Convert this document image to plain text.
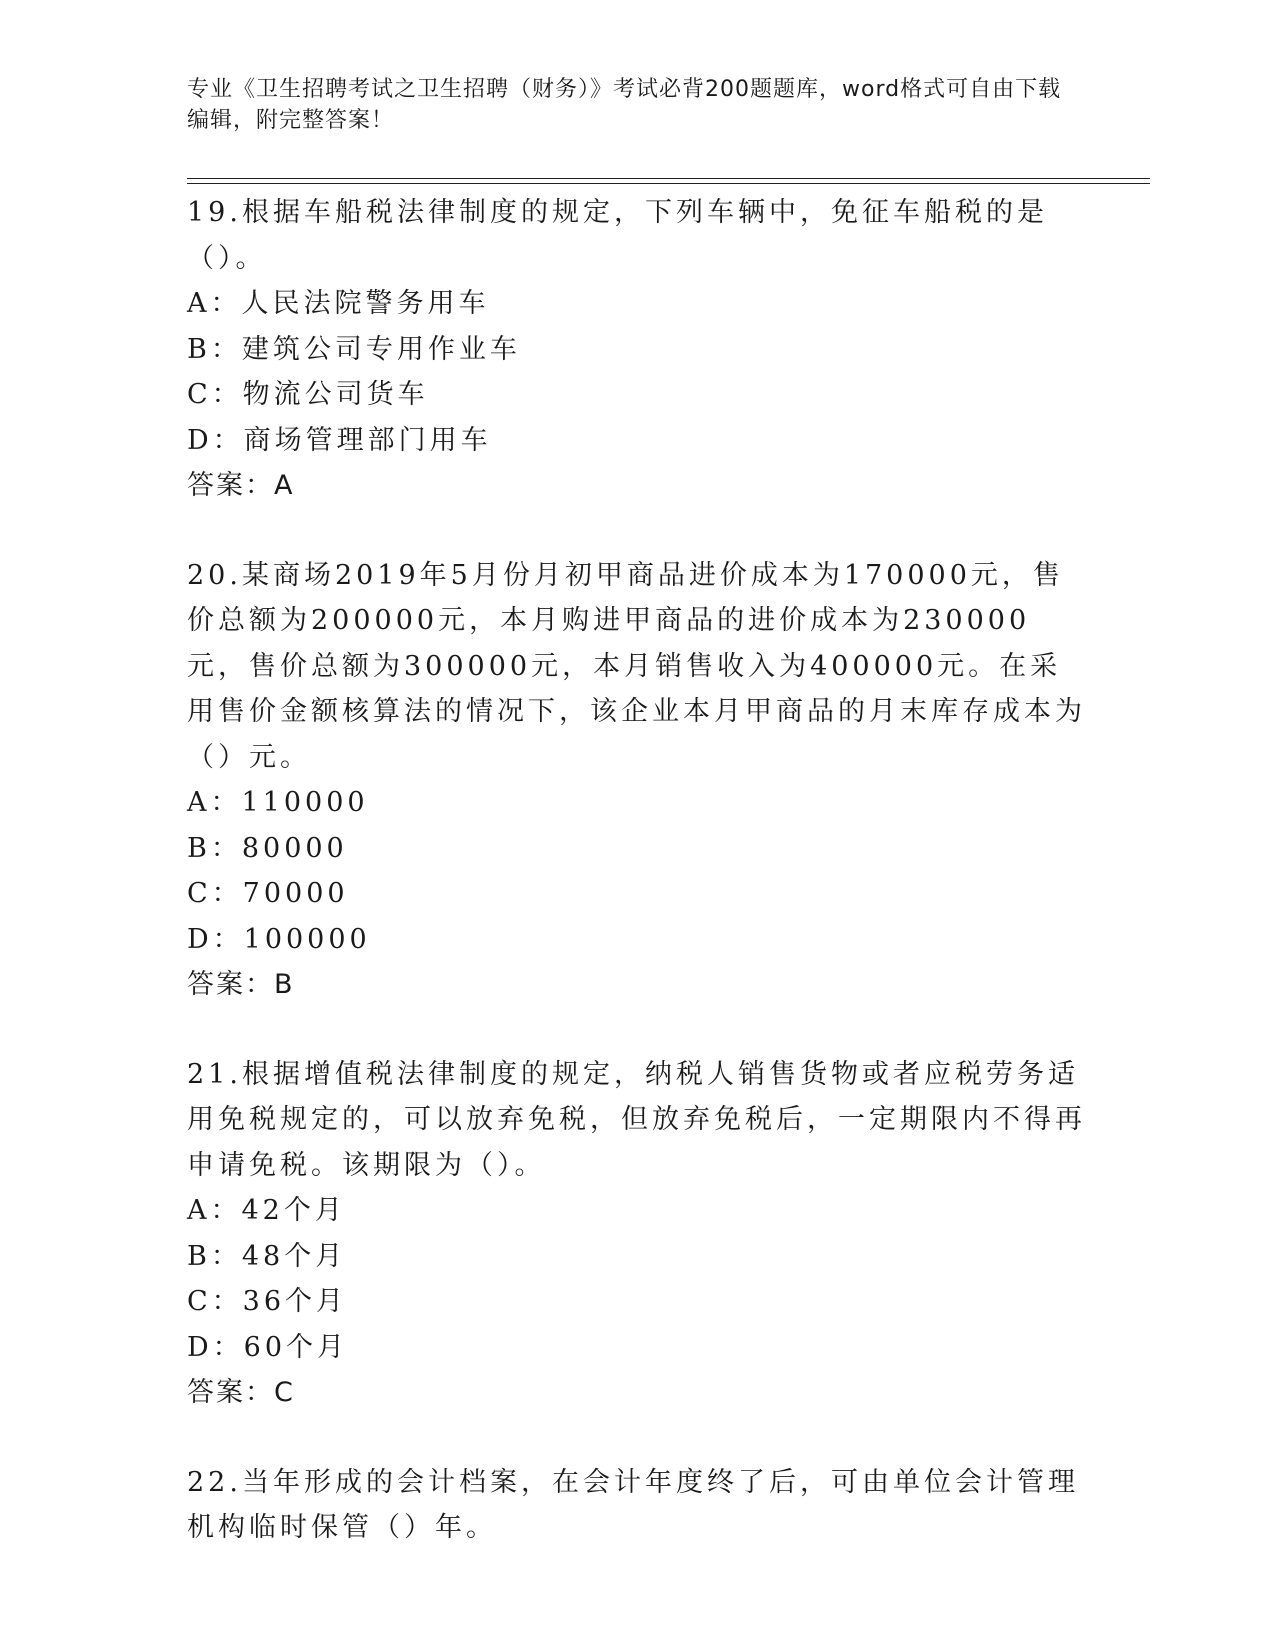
专业《卫生招聘考试之卫生招聘（财务）》考试必背200题题库，word格式可自由下载编辑，附完整答案！

19.根据车船税法律制度的规定，下列车辆中，免征车船税的是（）。

A：人民法院警务用车

B：建筑公司专用作业车

C：物流公司货车

D：商场管理部门用车

答案：A

20.某商场2019年5月份月初甲商品进价成本为170000元，售价总额为200000元，本月购进甲商品的进价成本为230000元，售价总额为300000元，本月销售收入为400000元。在采用售价金额核算法的情况下，该企业本月甲商品的月末库存成本为（）元。

A：110000

B：80000

C：70000

D：100000

答案：B

21.根据增值税法律制度的规定，纳税人销售货物或者应税劳务适用免税规定的，可以放弃免税，但放弃免税后，一定期限内不得再申请免税。该期限为（）。

A：42个月

B：48个月

C：36个月

D：60个月

答案：C

22.当年形成的会计档案，在会计年度终了后，可由单位会计管理机构临时保管（）年。
